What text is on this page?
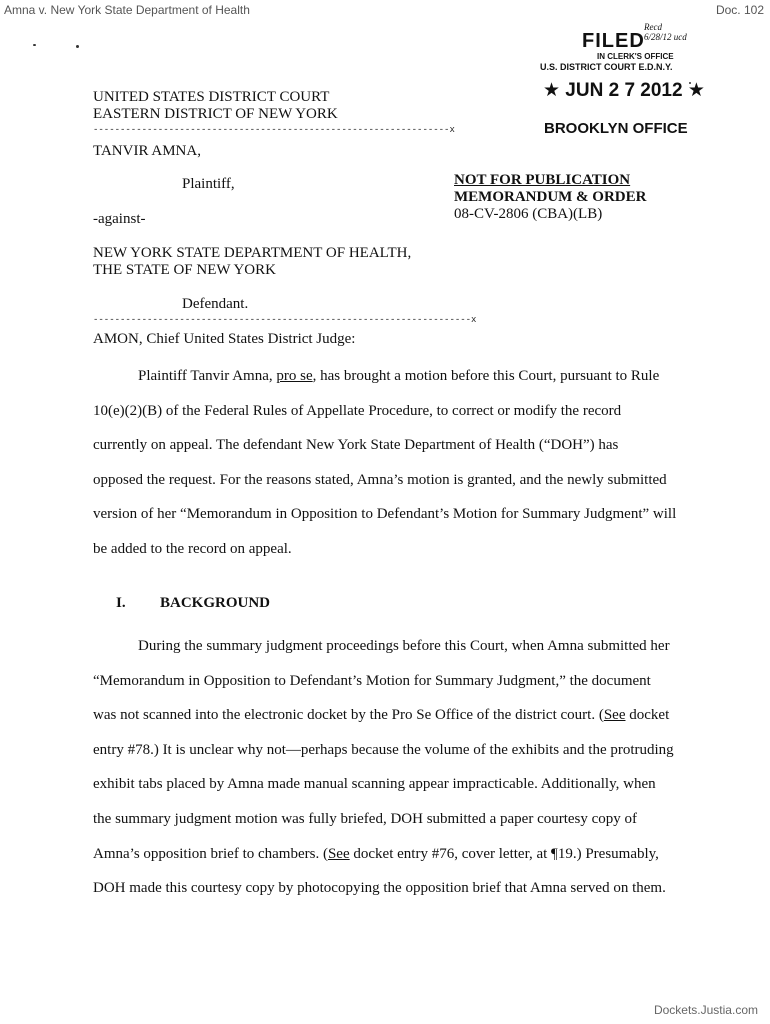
Amna v. New York State Department of Health	Doc. 102
FILED
Recd 6/28/12 ucd
IN CLERK'S OFFICE
U.S. DISTRICT COURT E.D.N.Y.
★ JUN 2 7 2012 ★
BROOKLYN OFFICE
UNITED STATES DISTRICT COURT
EASTERN DISTRICT OF NEW YORK
------------------------------------------------------------------x
TANVIR AMNA,
Plaintiff,
-against-
NEW YORK STATE DEPARTMENT OF HEALTH,
THE STATE OF NEW YORK
Defendant.
----------------------------------------------------------------------x
AMON, Chief United States District Judge:
NOT FOR PUBLICATION
MEMORANDUM & ORDER
08-CV-2806 (CBA)(LB)
Plaintiff Tanvir Amna, pro se, has brought a motion before this Court, pursuant to Rule
10(e)(2)(B) of the Federal Rules of Appellate Procedure, to correct or modify the record
currently on appeal. The defendant New York State Department of Health (“DOH”) has
opposed the request. For the reasons stated, Amna’s motion is granted, and the newly submitted
version of her “Memorandum in Opposition to Defendant’s Motion for Summary Judgment” will
be added to the record on appeal.
I. BACKGROUND
During the summary judgment proceedings before this Court, when Amna submitted her
“Memorandum in Opposition to Defendant’s Motion for Summary Judgment,” the document
was not scanned into the electronic docket by the Pro Se Office of the district court. (See docket
entry #78.) It is unclear why not—perhaps because the volume of the exhibits and the protruding
exhibit tabs placed by Amna made manual scanning appear impracticable. Additionally, when
the summary judgment motion was fully briefed, DOH submitted a paper courtesy copy of
Amna’s opposition brief to chambers. (See docket entry #76, cover letter, at ¶19.) Presumably,
DOH made this courtesy copy by photocopying the opposition brief that Amna served on them.
Dockets.Justia.com
